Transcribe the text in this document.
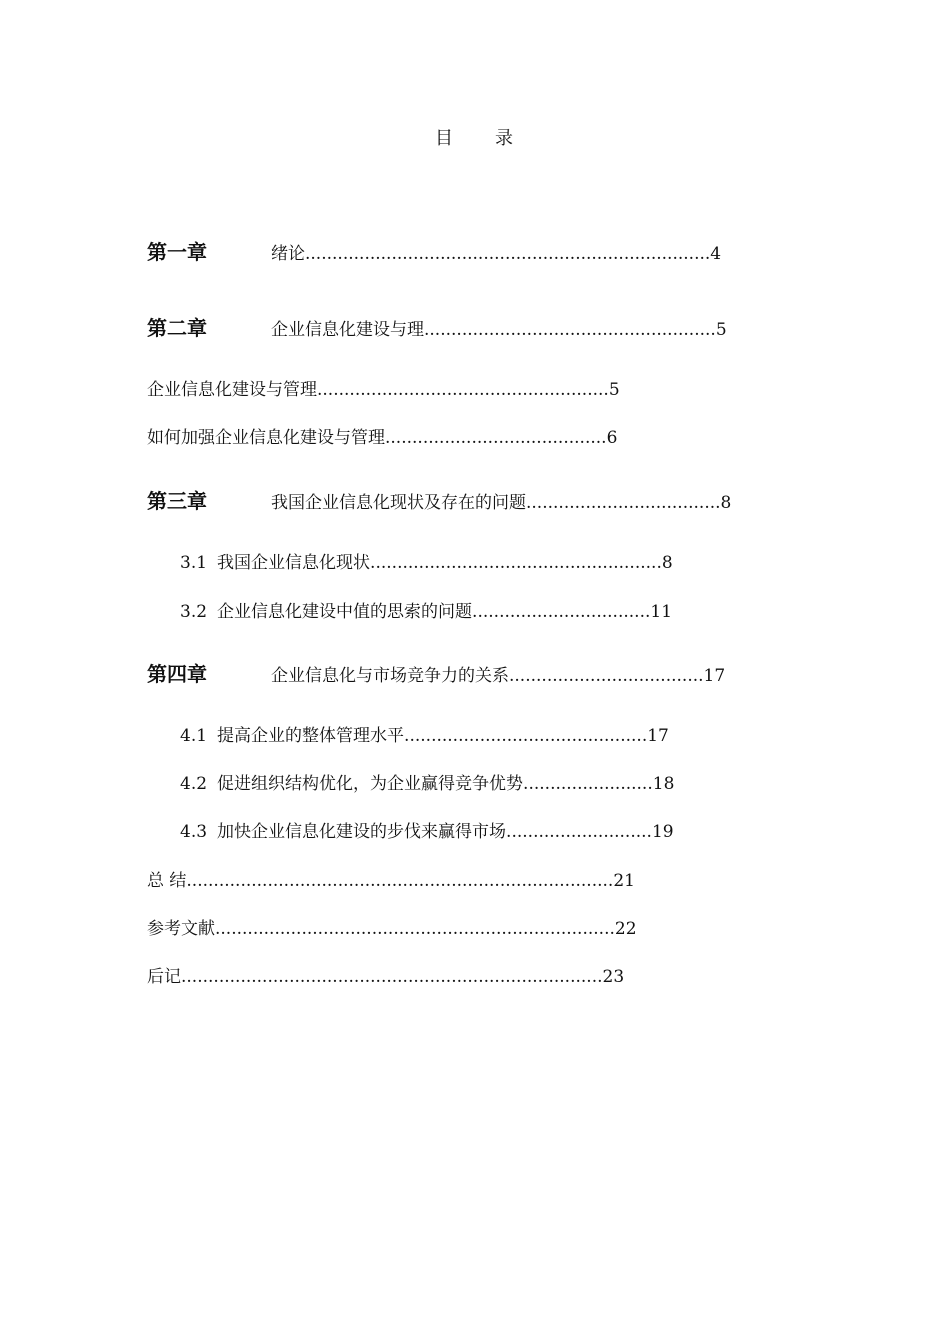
目 录
第一章	绪论 ........................................................................... 4
第二章	企业信息化建设与理 ...................................................... 5
企业信息化建设与管理 ...................................................... 5
如何加强企业信息化建设与管理 ......................................... 6
第三章	我国企业信息化现状及存在的问题 .................................... 8
3.1 我国企业信息化现状 ...................................................... 8
3.2 企业信息化建设中值的思索的问题 ................................. 11
第四章	企业信息化与市场竞争力的关系 .................................... 17
4.1 提高企业的整体管理水平 ............................................. 17
4.2 促进组织结构优化，为企业赢得竞争优势 ........................ 18
4.3 加快企业信息化建设的步伐来赢得市场 ........................... 19
总 结 ............................................................................... 21
参考文献 .......................................................................... 22
后记 .............................................................................. 23
